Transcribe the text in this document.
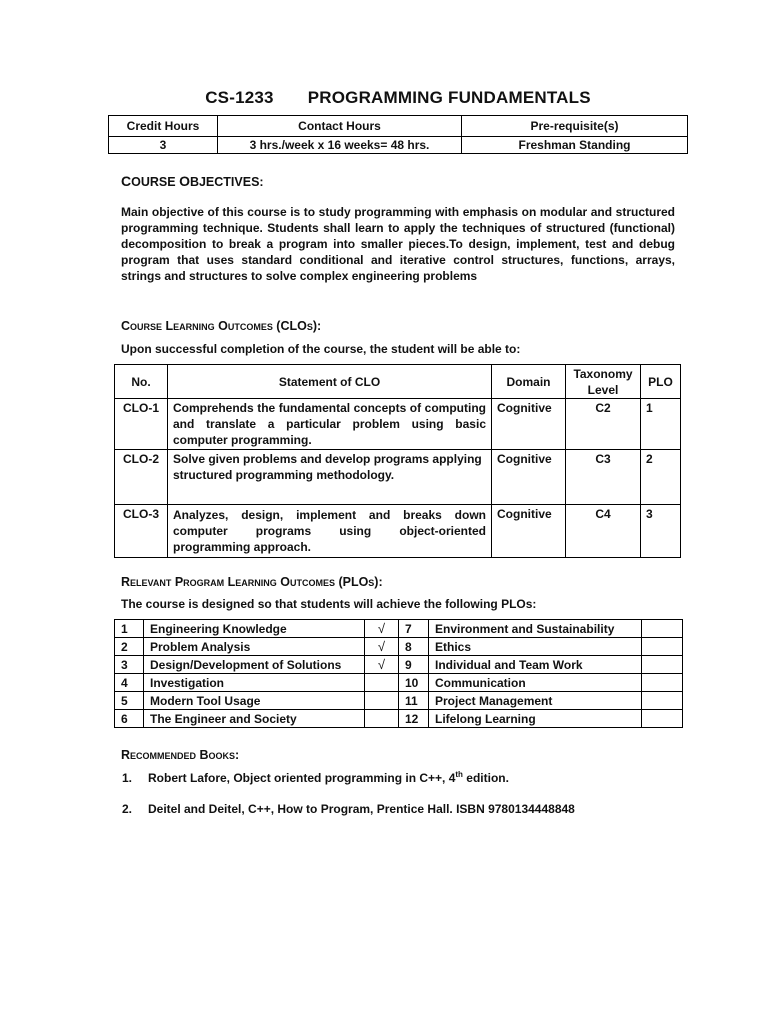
CS-1233 PROGRAMMING FUNDAMENTALS
Credit Hours	Contact Hours	Pre-requisite(s)
3	3 hrs./week x 16 weeks= 48 hrs.	Freshman Standing
COURSE OBJECTIVES:
Main objective of this course is to study programming with emphasis on modular and structured programming technique. Students shall learn to apply the techniques of structured (functional) decomposition to break a program into smaller pieces.To design, implement, test and debug program that uses standard conditional and iterative control structures, functions, arrays, strings and structures to solve complex engineering problems
Course Learning Outcomes (CLOs):
Upon successful completion of the course, the student will be able to:
No.	Statement of CLO	Domain	Taxonomy Level	PLO
CLO-1	Comprehends the fundamental concepts of computing and translate a particular problem using basic computer programming.	Cognitive	C2	1
CLO-2	Solve given problems and develop programs applying structured programming methodology.	Cognitive	C3	2
CLO-3	Analyzes, design, implement and breaks down computer programs using object-oriented programming approach.	Cognitive	C4	3
Relevant Program Learning Outcomes (PLOs):
The course is designed so that students will achieve the following PLOs:
1	Engineering Knowledge	√	7	Environment and Sustainability	
2	Problem Analysis	√	8	Ethics	
3	Design/Development of Solutions	√	9	Individual and Team Work	
4	Investigation		10	Communication	
5	Modern Tool Usage		11	Project Management	
6	The Engineer and Society		12	Lifelong Learning	
Recommended Books:
1. Robert Lafore, Object oriented programming in C++, 4th edition.
2. Deitel and Deitel, C++, How to Program, Prentice Hall. ISBN 9780134448848
